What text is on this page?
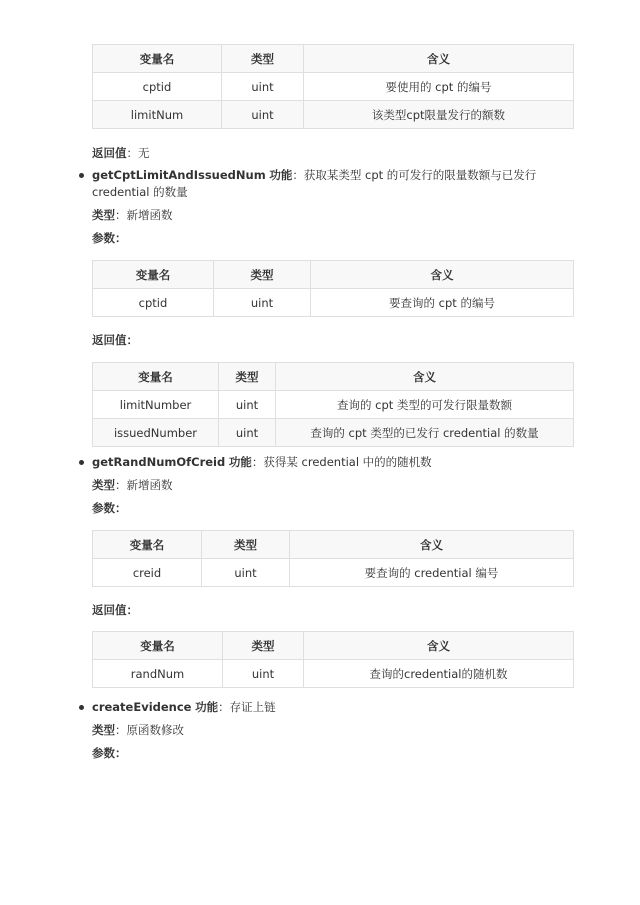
变量名	类型	含义
cptid	uint	要使用的 cpt 的编号
limitNum	uint	该类型cpt限量发行的额数
返回值：无
getCptLimitAndIssuedNum 功能：获取某类型 cpt 的可发行的限量数额与已发行 credential 的数量
类型：新增函数
参数：
变量名	类型	含义
cptid	uint	要查询的 cpt 的编号
返回值：
变量名	类型	含义
limitNumber	uint	查询的 cpt 类型的可发行限量数额
issuedNumber	uint	查询的 cpt 类型的已发行 credential 的数量
getRandNumOfCreid 功能：获得某 credential 中的的随机数
类型：新增函数
参数：
变量名	类型	含义
creid	uint	要查询的 credential 编号
返回值：
变量名	类型	含义
randNum	uint	查询的credential的随机数
createEvidence 功能：存证上链
类型：原函数修改
参数：
